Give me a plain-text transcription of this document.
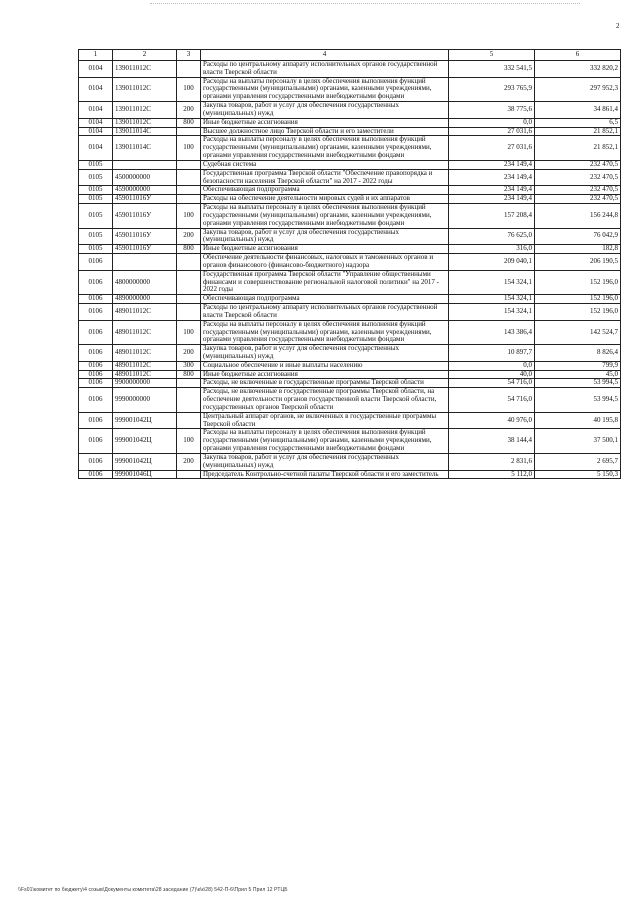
2
1	2	3	4	5	6
0104	139011012С		Расходы по центральному аппарату исполнительных органов государственной власти Тверской области	332 541,5	332 820,2
0104	139011012С	100	Расходы на выплаты персоналу в целях обеспечения выполнения функций государственными (муниципальными) органами, казенными учреждениями, органами управления государственными внебюджетными фондами	293 765,9	297 952,3
0104	139011012С	200	Закупка товаров, работ и услуг для обеспечения государственных (муниципальных) нужд	38 775,6	34 861,4
0104	139011012С	800	Иные бюджетные ассигнования	0,0	6,5
0104	139011014С		Высшее должностное лицо Тверской области и его заместители	27 031,6	21 852,1
0104	139011014С	100	Расходы на выплаты персоналу в целях обеспечения выполнения функций государственными (муниципальными) органами, казенными учреждениями, органами управления государственными внебюджетными фондами	27 031,6	21 852,1
0105			Судебная система	234 149,4	232 470,5
0105	4500000000		Государственная программа Тверской области "Обеспечение правопорядка и безопасности населения Тверской области" на 2017 - 2022 годы	234 149,4	232 470,5
0105	4590000000		Обеспечивающая подпрограмма	234 149,4	232 470,5
0105	459011016У		Расходы на обеспечение деятельности мировых судей и их аппаратов	234 149,4	232 470,5
0105	459011016У	100	Расходы на выплаты персоналу в целях обеспечения выполнения функций государственными (муниципальными) органами, казенными учреждениями, органами управления государственными внебюджетными фондами	157 208,4	156 244,8
0105	459011016У	200	Закупка товаров, работ и услуг для обеспечения государственных (муниципальных) нужд	76 625,0	76 042,9
0105	459011016У	800	Иные бюджетные ассигнования	316,0	182,8
0106			Обеспечение деятельности финансовых, налоговых и таможенных органов и органов финансового (финансово-бюджетного) надзора	209 040,1	206 190,5
0106	4800000000		Государственная программа Тверской области "Управление общественными финансами и совершенствование региональной налоговой политики" на 2017 - 2022 годы	154 324,1	152 196,0
0106	4890000000		Обеспечивающая подпрограмма	154 324,1	152 196,0
0106	489011012С		Расходы по центральному аппарату исполнительных органов государственной власти Тверской области	154 324,1	152 196,0
0106	489011012С	100	Расходы на выплаты персоналу в целях обеспечения выполнения функций государственными (муниципальными) органами, казенными учреждениями, органами управления государственными внебюджетными фондами	143 386,4	142 524,7
0106	489011012С	200	Закупка товаров, работ и услуг для обеспечения государственных (муниципальных) нужд	10 897,7	8 826,4
0106	489011012С	300	Социальное обеспечение и иные выплаты населению	0,0	799,9
0106	489011012С	800	Иные бюджетные ассигнования	40,0	45,0
0106	9900000000		Расходы, не включенные в государственные программы Тверской области	54 716,0	53 994,5
0106	9990000000		Расходы, не включенные в государственные программы Тверской области, на обеспечение деятельности органов государственной власти Тверской области, государственных органов Тверской области	54 716,0	53 994,5
0106	999001042Ц		Центральный аппарат органов, не включенных в государственные программы Тверской области	40 976,0	40 195,8
0106	999001042Ц	100	Расходы на выплаты персоналу в целях обеспечения выполнения функций государственными (муниципальными) органами, казенными учреждениями, органами управления государственными внебюджетными фондами	38 144,4	37 500,1
0106	999001042Ц	200	Закупка товаров, работ и услуг для обеспечения государственных (муниципальных) нужд	2 831,6	2 695,7
0106	999001046Ц		Председатель Контрольно-счетной палаты Тверской области и его заместитель	5 112,0	5 150,3
\\Fs01\комитет по бюджету\4 созыв\Документы комитета\28 заседание (7)\к\к\28) 542-П-6\Прил 5 Прил 12 РТЦБ
